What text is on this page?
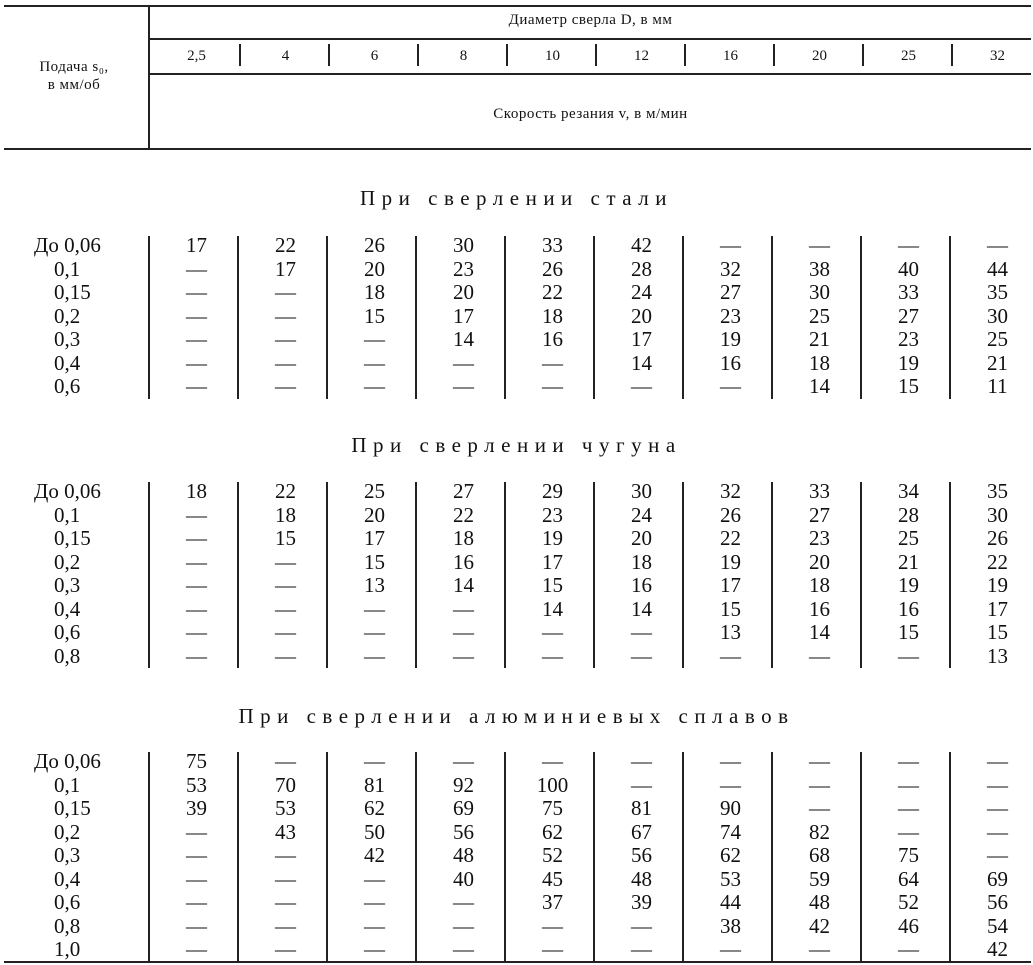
Подача s₀,
в мм/об
Диаметр сверла D, в мм
Скорость резания v, в м/мин
2,5	4	6	8	10	12	16	20	25	32
При сверлении стали
До 0,06	17	22	26	30	33	42	—	—	—	—
0,1	—	17	20	23	26	28	32	38	40	44
0,15	—	—	18	20	22	24	27	30	33	35
0,2	—	—	15	17	18	20	23	25	27	30
0,3	—	—	—	14	16	17	19	21	23	25
0,4	—	—	—	—	—	14	16	18	19	21
0,6	—	—	—	—	—	—	—	14	15	11
При сверлении чугуна
До 0,06	18	22	25	27	29	30	32	33	34	35
0,1	—	18	20	22	23	24	26	27	28	30
0,15	—	15	17	18	19	20	22	23	25	26
0,2	—	—	15	16	17	18	19	20	21	22
0,3	—	—	13	14	15	16	17	18	19	19
0,4	—	—	—	—	14	14	15	16	16	17
0,6	—	—	—	—	—	—	13	14	15	15
0,8	—	—	—	—	—	—	—	—	—	13
При сверлении алюминиевых сплавов
До 0,06	75	—	—	—	—	—	—	—	—	—
0,1	53	70	81	92	100	—	—	—	—	—
0,15	39	53	62	69	75	81	90	—	—	—
0,2	—	43	50	56	62	67	74	82	—	—
0,3	—	—	42	48	52	56	62	68	75	—
0,4	—	—	—	40	45	48	53	59	64	69
0,6	—	—	—	—	37	39	44	48	52	56
0,8	—	—	—	—	—	—	38	42	46	54
1,0	—	—	—	—	—	—	—	—	—	42
